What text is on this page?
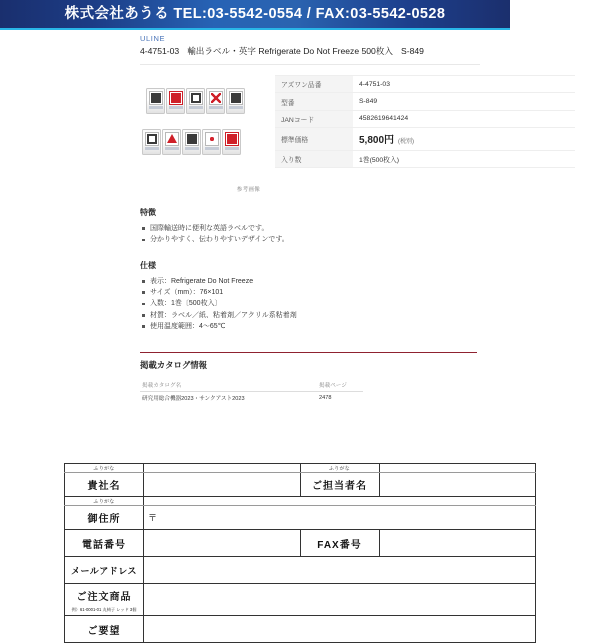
株式会社あうる TEL:03-5542-0554 / FAX:03-5542-0528
ULINE
4-4751-03 輸出ラベル・英字 Refrigerate Do Not Freeze 500枚入 S-849
参考画像
アズワン品番	4-4751-03
型番	S-849
JANコード	4582619641424
標準価格	5,800円 (税別)
入り数	1巻(500枚入)
特徴
国際輸送時に便利な英語ラベルです。
分かりやすく、伝わりやすいデザインです。
仕様
表示：Refrigerate Do Not Freeze
サイズ（mm）：76×101
入数：1巻〔500枚入〕
材質：ラベル／紙、粘着剤／アクリル系粘着剤
使用温度範囲：4〜65℃
掲載カタログ情報
掲載カタログ名	掲載ページ
研究用総合機器2023・サンクアスト2023	2478
ふりがな		ふりがな	

貴社名		ご担当者名	

ふりがな			

御住所	〒		

電話番号		FAX番号	

メールアドレス			

ご注文商品
例）61-0001-01 丸椅子 レッド 3個			

ご要望			
